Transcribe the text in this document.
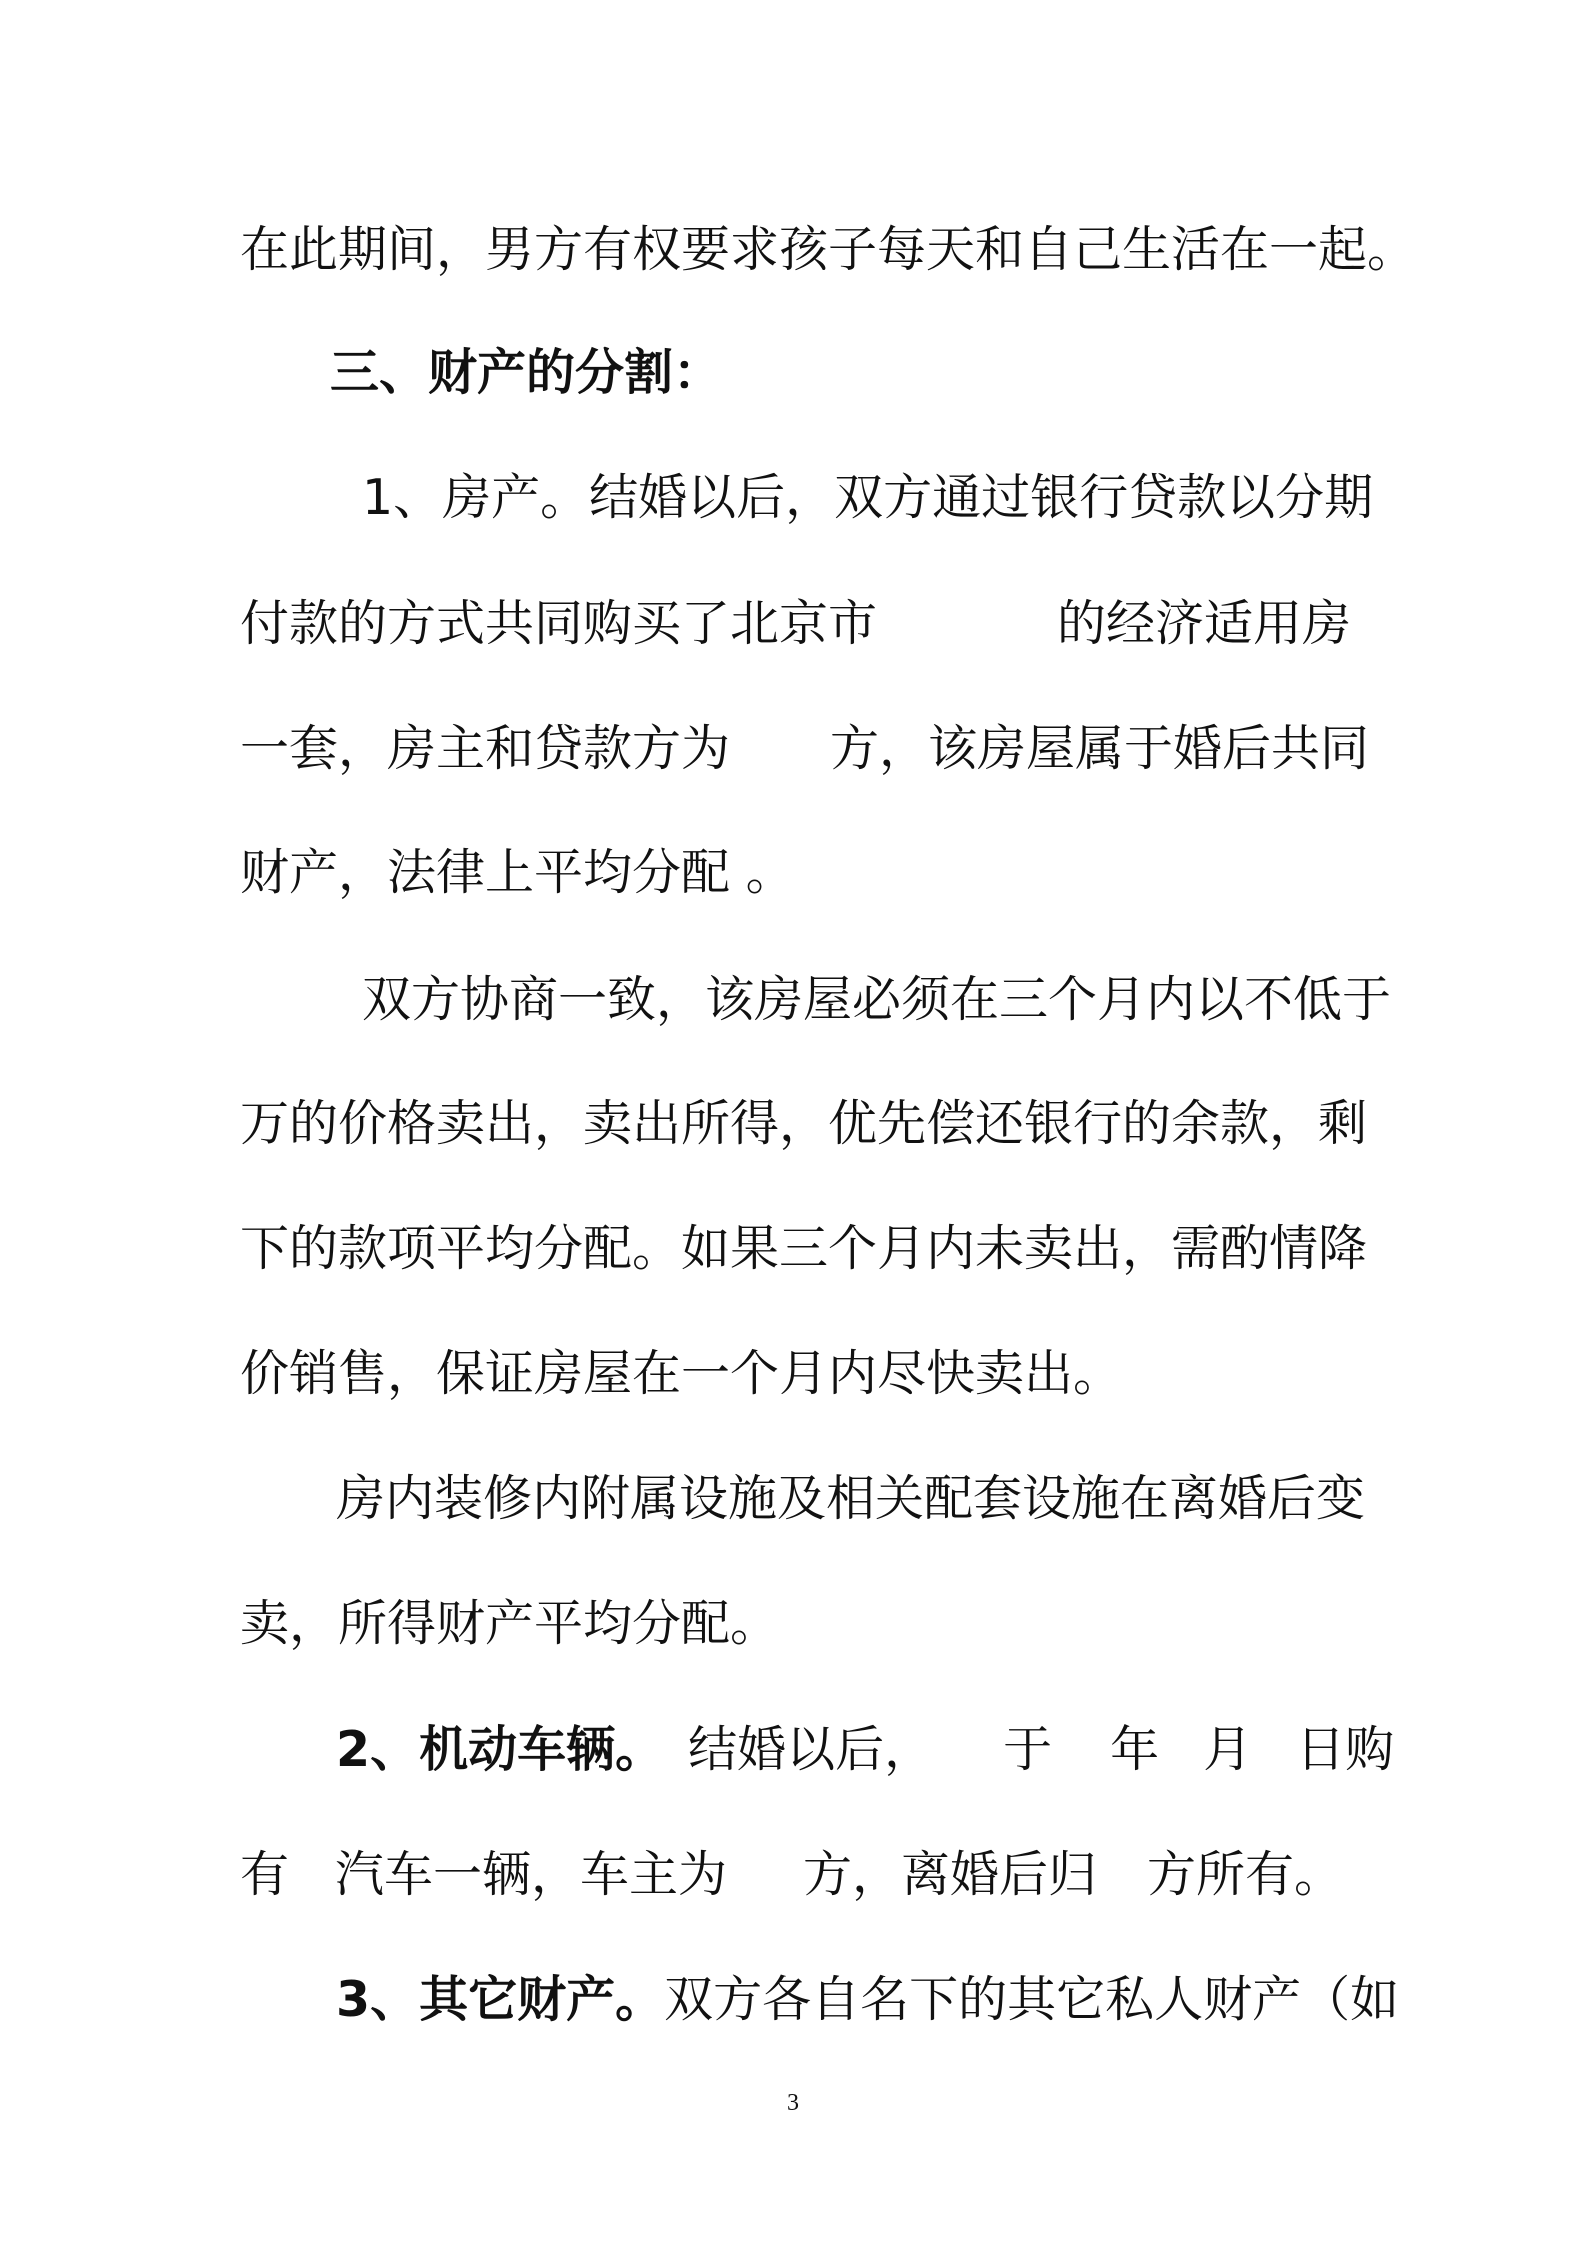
在此期间，男方有权要求孩子每天和自己生活在一起。
三、财产的分割：
1、房产。结婚以后，双方通过银行贷款以分期
付款的方式共同购买了北京市	的经济适用房
一套，房主和贷款方为 方，该房屋属于婚后共同
财产，法律上平均分配 。
双方协商一致，该房屋必须在三个月内以不低于
万的价格卖出，卖出所得，优先偿还银行的余款，剩
下的款项平均分配。如果三个月内未卖出，需酌情降
价销售，保证房屋在一个月内尽快卖出。
房内装修内附属设施及相关配套设施在离婚后变
卖，所得财产平均分配。
2、机动车辆。 结婚以后， 于 年 月 日购
有 汽车一辆，车主为 方，离婚后归 方所有。
3、其它财产。双方各自名下的其它私人财产（如
3
